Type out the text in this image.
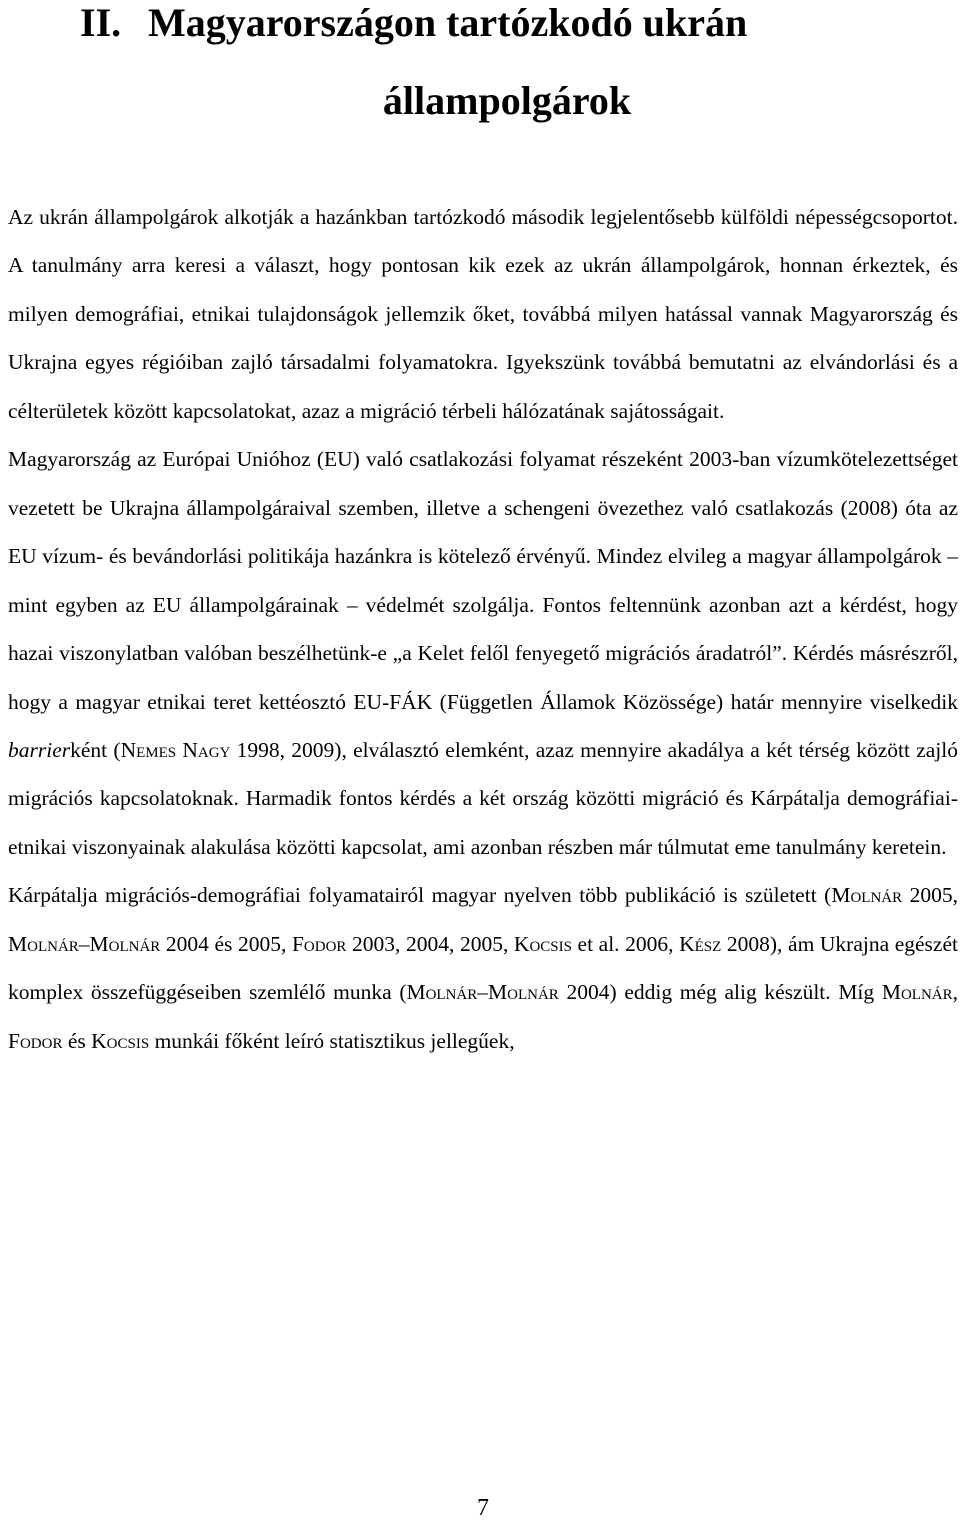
II. Magyarországon tartózkodó ukrán
állampolgárok

Az ukrán állampolgárok alkotják a hazánkban tartózkodó második legjelentősebb külföldi népességcsoportot. A tanulmány arra keresi a választ, hogy pontosan kik ezek az ukrán állampolgárok, honnan érkeztek, és milyen demográfiai, etnikai tulajdonságok jellemzik őket, továbbá milyen hatással vannak Magyarország és Ukrajna egyes régióiban zajló társadalmi folyamatokra. Igyekszünk továbbá bemutatni az elvándorlási és a célterületek között kapcsolatokat, azaz a migráció térbeli hálózatának sajátosságait.

Magyarország az Európai Unióhoz (EU) való csatlakozási folyamat részeként 2003-ban vízumkötelezettséget vezetett be Ukrajna állampolgáraival szemben, illetve a schengeni övezethez való csatlakozás (2008) óta az EU vízum- és bevándorlási politikája hazánkra is kötelező érvényű. Mindez elvileg a magyar állampolgárok – mint egyben az EU állampolgárainak – védelmét szolgálja. Fontos feltennünk azonban azt a kérdést, hogy hazai viszonylatban valóban beszélhetünk-e „a Kelet felől fenyegető migrációs áradatról”. Kérdés másrészről, hogy a magyar etnikai teret kettéosztó EU-FÁK (Független Államok Közössége) határ mennyire viselkedik barrierként (Nemes Nagy 1998, 2009), elválasztó elemként, azaz mennyire akadálya a két térség között zajló migrációs kapcsolatoknak. Harmadik fontos kérdés a két ország közötti migráció és Kárpátalja demográfiai-etnikai viszonyainak alakulása közötti kapcsolat, ami azonban részben már túlmutat eme tanulmány keretein.

Kárpátalja migrációs-demográfiai folyamatairól magyar nyelven több publikáció is született (Molnár 2005, Molnár–Molnár 2004 és 2005, Fodor 2003, 2004, 2005, Kocsis et al. 2006, Kész 2008), ám Ukrajna egészét komplex összefüggéseiben szemlélő munka (Molnár–Molnár 2004) eddig még alig készült. Míg Molnár, Fodor és Kocsis munkái főként leíró statisztikus jellegűek,

7
